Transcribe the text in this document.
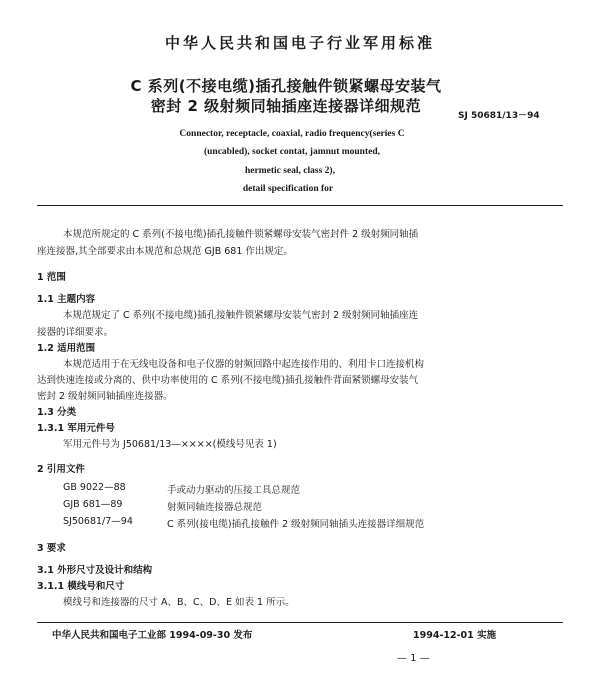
中华人民共和国电子行业军用标准
C 系列(不接电缆)插孔接触件锁紧螺母安装气
密封 2 级射频同轴插座连接器详细规范
SJ 50681/13－94
Connector, receptacle, coaxial, radio frequency(series C
(uncabled), socket contat, jamnut mounted,
hermetic seal, class 2),
detail specification for
本规范所规定的 C 系列(不接电缆)插孔接触件锁紧螺母安装气密封件 2 级射频同轴插
座连接器,其全部要求由本规范和总规范 GJB 681 作出规定。
1 范围
1.1 主题内容
本规范规定了 C 系列(不接电缆)插孔接触件锁紧螺母安装气密封 2 级射频同轴插座连
接器的详细要求。
1.2 适用范围
本规范适用于在无线电设备和电子仪器的射频回路中起连接作用的、利用卡口连接机构
达到快速连接或分离的、供中功率使用的 C 系列(不接电缆)插孔接触件背面紧锁螺母安装气
密封 2 级射频同轴插座连接器。
1.3 分类
1.3.1 军用元件号
军用元件号为 J50681/13—××××(模线号见表 1)
2 引用文件
GB 9022—88	手或动力驱动的压接工具总规范
GJB 681—89	射频同轴连接器总规范
SJ50681/7—94	C 系列(接电缆)插孔接触件 2 级射频同轴插头连接器详细规范
3 要求
3.1 外形尺寸及设计和结构
3.1.1 模线号和尺寸
模线号和连接器的尺寸 A、B、C、D、E 如表 1 所示。
中华人民共和国电子工业部 1994-09-30 发布	1994-12-01 实施
— 1 —
